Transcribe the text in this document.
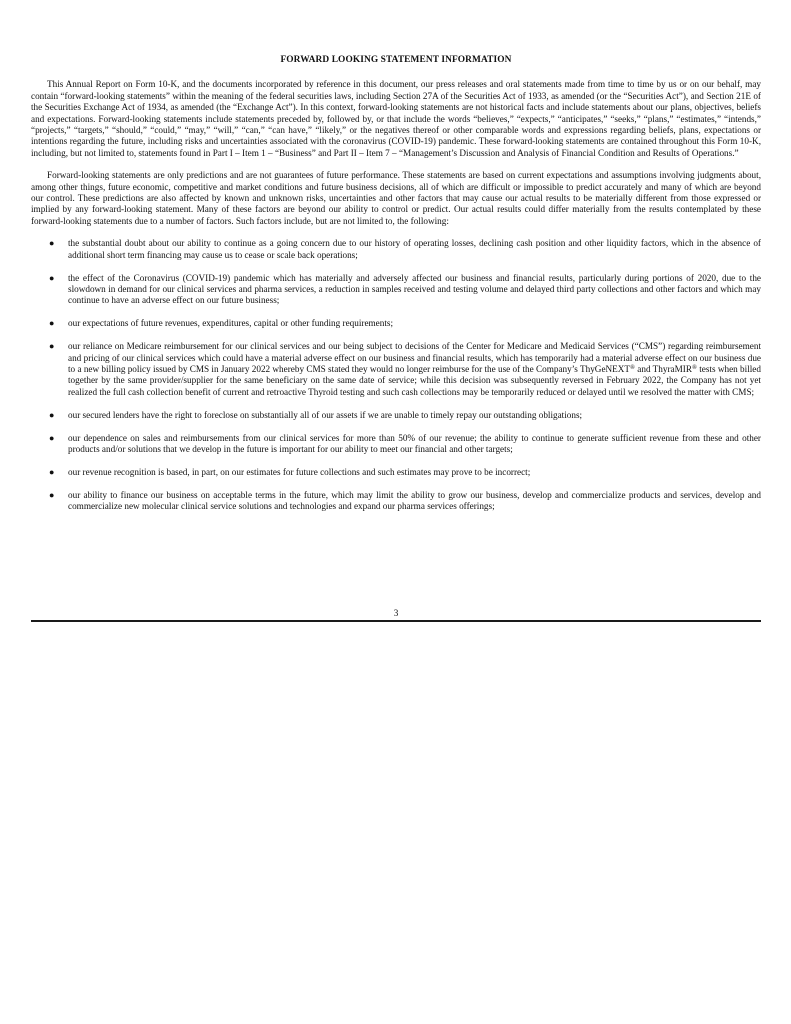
FORWARD LOOKING STATEMENT INFORMATION

This Annual Report on Form 10-K, and the documents incorporated by reference in this document, our press releases and oral statements made from time to time by us or on our behalf, may contain “forward-looking statements” within the meaning of the federal securities laws, including Section 27A of the Securities Act of 1933, as amended (or the “Securities Act”), and Section 21E of the Securities Exchange Act of 1934, as amended (the “Exchange Act”). In this context, forward-looking statements are not historical facts and include statements about our plans, objectives, beliefs and expectations. Forward-looking statements include statements preceded by, followed by, or that include the words “believes,” “expects,” “anticipates,” “seeks,” “plans,” “estimates,” “intends,” “projects,” “targets,” “should,” “could,” “may,” “will,” “can,” “can have,” “likely,” or the negatives thereof or other comparable words and expressions regarding beliefs, plans, expectations or intentions regarding the future, including risks and uncertainties associated with the coronavirus (COVID-19) pandemic. These forward-looking statements are contained throughout this Form 10-K, including, but not limited to, statements found in Part I – Item 1 – “Business” and Part II – Item 7 – “Management’s Discussion and Analysis of Financial Condition and Results of Operations.”

Forward-looking statements are only predictions and are not guarantees of future performance. These statements are based on current expectations and assumptions involving judgments about, among other things, future economic, competitive and market conditions and future business decisions, all of which are difficult or impossible to predict accurately and many of which are beyond our control. These predictions are also affected by known and unknown risks, uncertainties and other factors that may cause our actual results to be materially different from those expressed or implied by any forward-looking statement. Many of these factors are beyond our ability to control or predict. Our actual results could differ materially from the results contemplated by these forward-looking statements due to a number of factors. Such factors include, but are not limited to, the following:

● the substantial doubt about our ability to continue as a going concern due to our history of operating losses, declining cash position and other liquidity factors, which in the absence of additional short term financing may cause us to cease or scale back operations;
● the effect of the Coronavirus (COVID-19) pandemic which has materially and adversely affected our business and financial results, particularly during portions of 2020, due to the slowdown in demand for our clinical services and pharma services, a reduction in samples received and testing volume and delayed third party collections and other factors and which may continue to have an adverse effect on our future business;
● our expectations of future revenues, expenditures, capital or other funding requirements;
● our reliance on Medicare reimbursement for our clinical services and our being subject to decisions of the Center for Medicare and Medicaid Services (“CMS”) regarding reimbursement and pricing of our clinical services which could have a material adverse effect on our business and financial results, which has temporarily had a material adverse effect on our business due to a new billing policy issued by CMS in January 2022 whereby CMS stated they would no longer reimburse for the use of the Company’s ThyGeNEXT® and ThyraMIR® tests when billed together by the same provider/supplier for the same beneficiary on the same date of service; while this decision was subsequently reversed in February 2022, the Company has not yet realized the full cash collection benefit of current and retroactive Thyroid testing and such cash collections may be temporarily reduced or delayed until we resolved the matter with CMS;
● our secured lenders have the right to foreclose on substantially all of our assets if we are unable to timely repay our outstanding obligations;
● our dependence on sales and reimbursements from our clinical services for more than 50% of our revenue; the ability to continue to generate sufficient revenue from these and other products and/or solutions that we develop in the future is important for our ability to meet our financial and other targets;
● our revenue recognition is based, in part, on our estimates for future collections and such estimates may prove to be incorrect;
● our ability to finance our business on acceptable terms in the future, which may limit the ability to grow our business, develop and commercialize products and services, develop and commercialize new molecular clinical service solutions and technologies and expand our pharma services offerings;
3
